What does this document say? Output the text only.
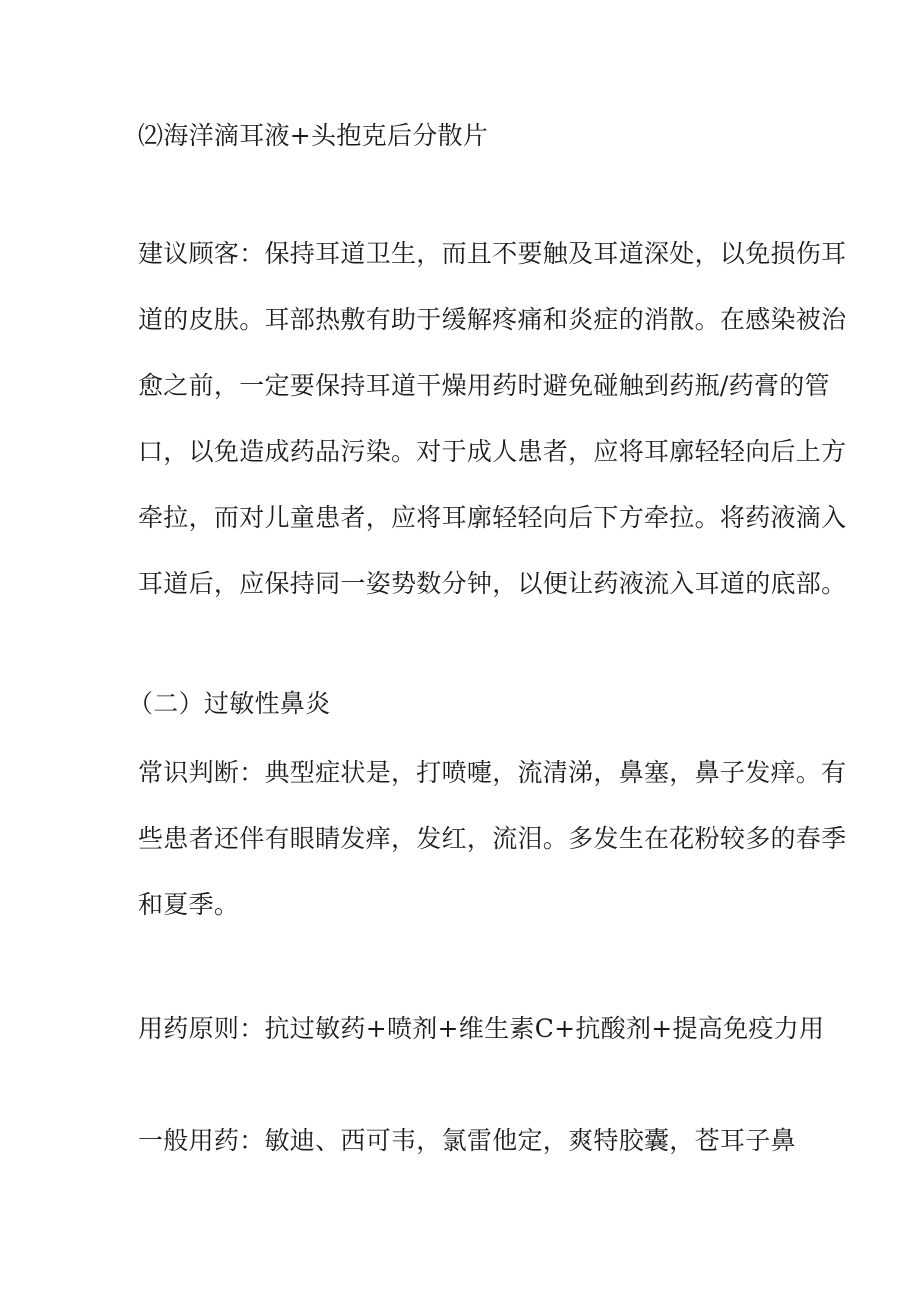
⑵海洋滴耳液+头抱克后分散片
建议顾客：保持耳道卫生，而且不要触及耳道深处，以免损伤耳
道的皮肤。耳部热敷有助于缓解疼痛和炎症的消散。在感染被治
愈之前，一定要保持耳道干燥用药时避免碰触到药瓶/药膏的管
口，以免造成药品污染。对于成人患者，应将耳廓轻轻向后上方
牵拉，而对儿童患者，应将耳廓轻轻向后下方牵拉。将药液滴入
耳道后，应保持同一姿势数分钟，以便让药液流入耳道的底部。
（二）过敏性鼻炎
常识判断：典型症状是，打喷嚏，流清涕，鼻塞，鼻子发痒。有
些患者还伴有眼睛发痒，发红，流泪。多发生在花粉较多的春季
和夏季。
用药原则：抗过敏药+喷剂+维生素C+抗酸剂+提高免疫力用
一般用药：敏迪、西可韦，氯雷他定，爽特胶囊，苍耳子鼻
